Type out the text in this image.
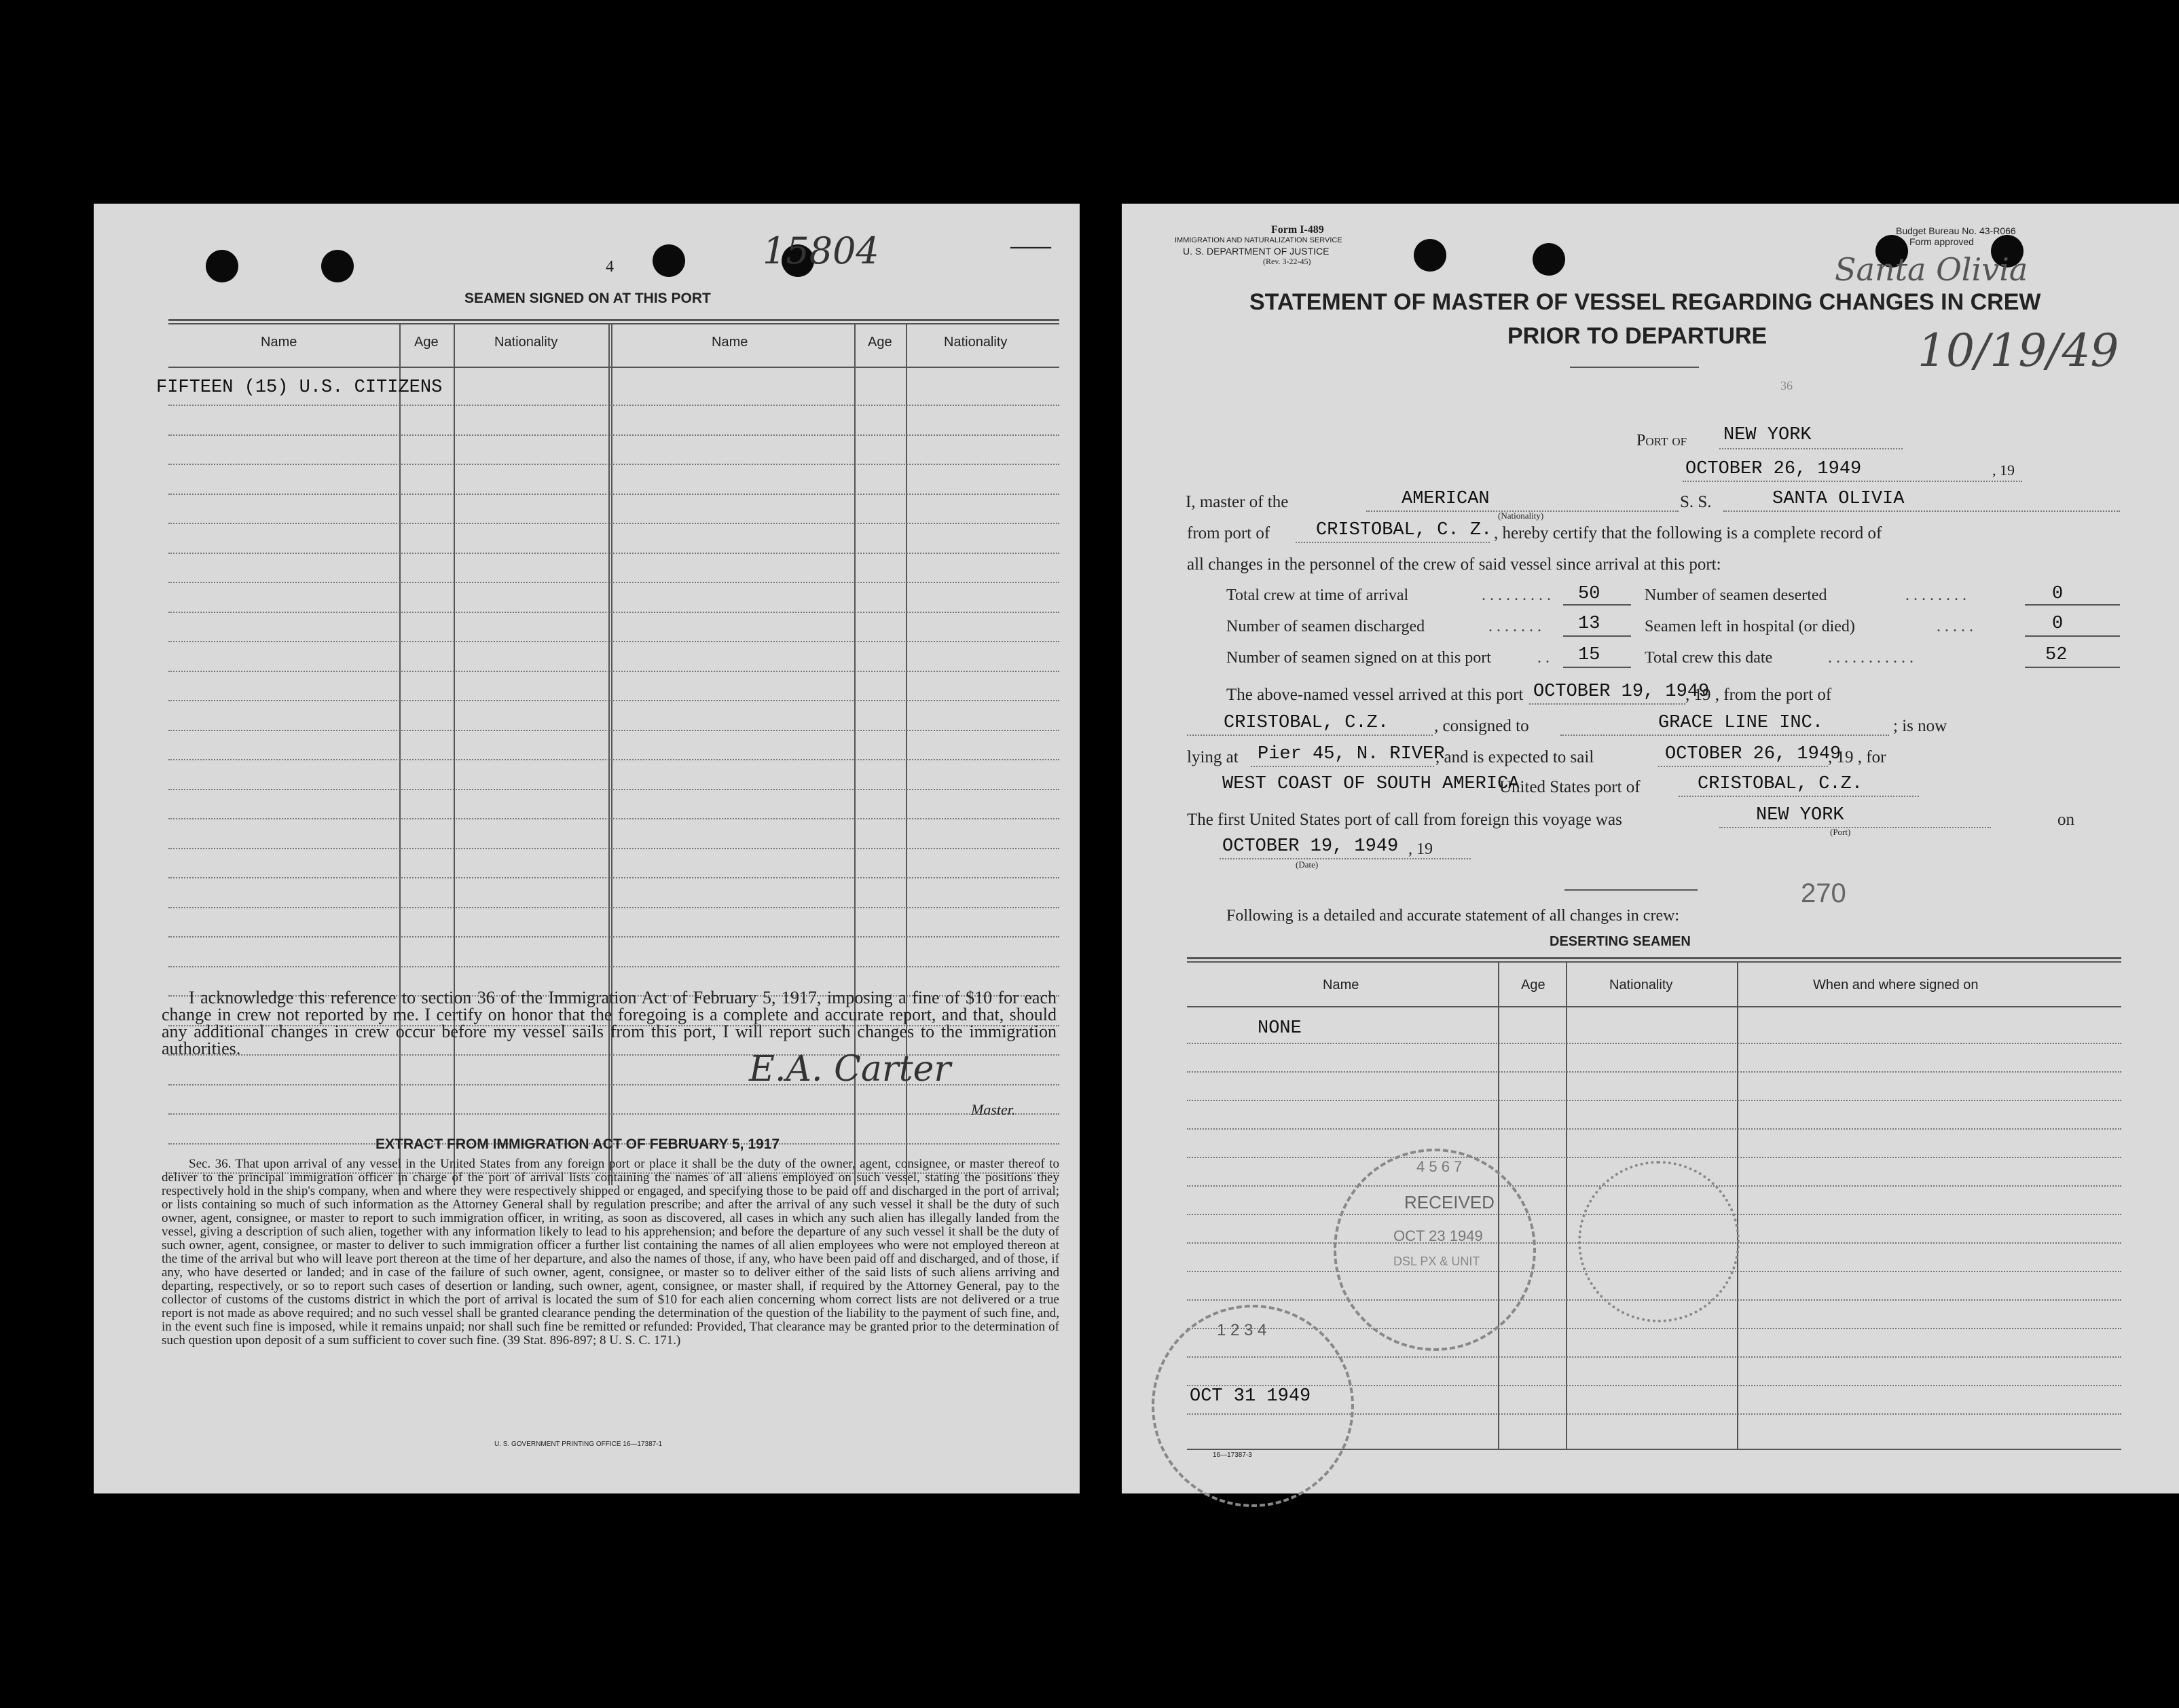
4	15804	——
SEAMEN SIGNED ON AT THIS PORT
Name	Age	Nationality	Name	Age	Nationality
FIFTEEN (15) U.S. CITIZENS
I acknowledge this reference to section 36 of the Immigration Act of February 5, 1917, imposing a fine of $10 for each change in crew not reported by me. I certify on honor that the foregoing is a complete and accurate report, and that, should any additional changes in crew occur before my vessel sails from this port, I will report such changes to the immigration authorities.
E.A. Carter
Master.
EXTRACT FROM IMMIGRATION ACT OF FEBRUARY 5, 1917
Sec. 36. That upon arrival of any vessel in the United States from any foreign port or place it shall be the duty of the owner, agent, consignee, or master thereof to deliver to the principal immigration officer in charge of the port of arrival lists containing the names of all aliens employed on such vessel, stating the positions they respectively hold in the ship's company, when and where they were respectively shipped or engaged, and specifying those to be paid off and discharged in the port of arrival; or lists containing so much of such information as the Attorney General shall by regulation prescribe; and after the arrival of any such vessel it shall be the duty of such owner, agent, consignee, or master to report to such immigration officer, in writing, as soon as discovered, all cases in which any such alien has illegally landed from the vessel, giving a description of such alien, together with any information likely to lead to his apprehension; and before the departure of any such vessel it shall be the duty of such owner, agent, consignee, or master to deliver to such immigration officer a further list containing the names of all alien employees who were not employed thereon at the time of the arrival but who will leave port thereon at the time of her departure, and also the names of those, if any, who have been paid off and discharged, and of those, if any, who have deserted or landed; and in case of the failure of such owner, agent, consignee, or master so to deliver either of the said lists of such aliens arriving and departing, respectively, or so to report such cases of desertion or landing, such owner, agent, consignee, or master shall, if required by the Attorney General, pay to the collector of customs of the customs district in which the port of arrival is located the sum of $10 for each alien concerning whom correct lists are not delivered or a true report is not made as above required; and no such vessel shall be granted clearance pending the determination of the question of the liability to the payment of such fine, and, in the event such fine is imposed, while it remains unpaid; nor shall such fine be remitted or refunded: Provided, That clearance may be granted prior to the determination of such question upon deposit of a sum sufficient to cover such fine. (39 Stat. 896-897; 8 U. S. C. 171.)
U. S. GOVERNMENT PRINTING OFFICE 16—17387-1
Form I-489
IMMIGRATION AND NATURALIZATION SERVICE
U. S. DEPARTMENT OF JUSTICE
(Rev. 3-22-45)
Budget Bureau No. 43-R066
Form approved
Santa Olivia
10/19/49
36
STATEMENT OF MASTER OF VESSEL REGARDING CHANGES IN CREW
PRIOR TO DEPARTURE
Port of NEW YORK
OCTOBER 26, 1949	, 19
I, master of the	AMERICAN
(Nationality)
S. S.	SANTA OLIVIA
from port of	CRISTOBAL, C. Z. , hereby certify that the following is a complete record of
all changes in the personnel of the crew of said vessel since arrival at this port:
Total crew at time of arrival	. . . . . . . . . 50	Number of seamen deserted	. . . . . . . .	0
Number of seamen discharged	. . . . . . . 13	Seamen left in hospital (or died)	. . . . .	0
Number of seamen signed on at this port	. . 15	Total crew this date	. . . . . . . . . . .	52
The above-named vessel arrived at this port OCTOBER 19, 1949
, 19 , from the port of
CRISTOBAL, C.Z.	, consigned to	GRACE LINE INC.	; is now
lying at Pier 45, N. RIVER
, and is expected to sail	OCTOBER 26, 1949
, 19 , for
WEST COAST OF SOUTH AMERICA
United States port of	CRISTOBAL, C.Z.
The first United States port of call from foreign this voyage was	NEW YORK
(Port)
on
OCTOBER 19, 1949 , 19
(Date)
270
Following is a detailed and accurate statement of all changes in crew:
DESERTING SEAMEN
Name	Age	Nationality	When and where signed on
NONE
4 5 6 7
RECEIVED
OCT 23 1949
DSL PX & UNIT
1 2 3 4
OCT 31 1949
16—17387-3
